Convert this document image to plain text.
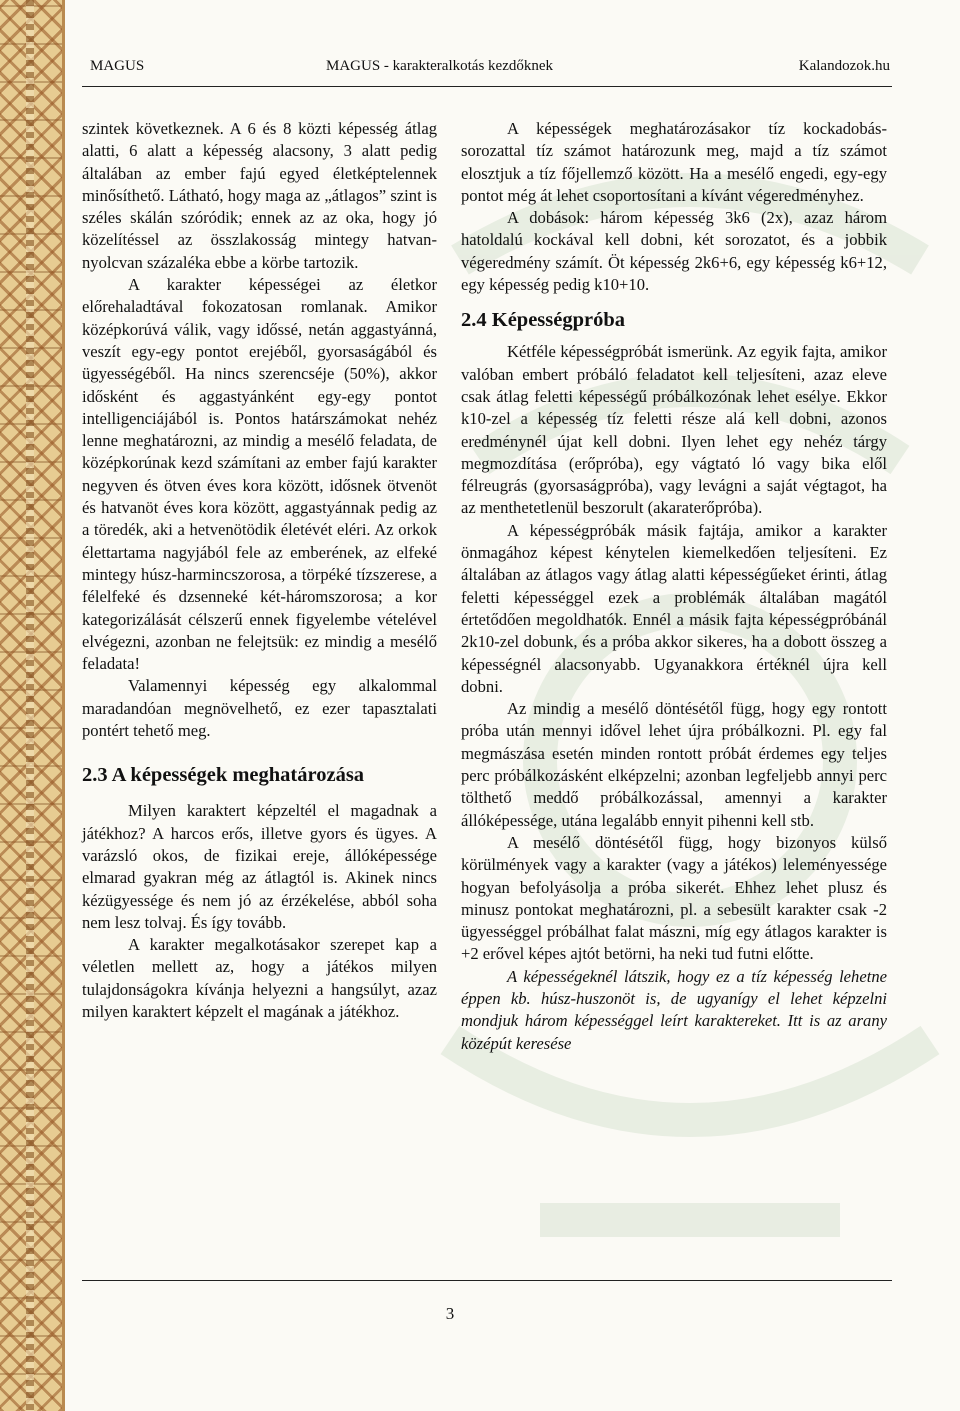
MAGUS	MAGUS - karakteralkotás kezdőknek	Kalandozok.hu

szintek következnek. A 6 és 8 közti képesség átlag alatti, 6 alatt a képesség alacsony, 3 alatt pedig általában az ember fajú egyed életképtelennek minősíthető. Látható, hogy maga az „átlagos” szint is széles skálán szóródik; ennek az az oka, hogy jó közelítéssel az összlakosság mintegy hatvan-nyolcvan százaléka ebbe a körbe tartozik.

A karakter képességei az életkor előrehaladtával fokozatosan romlanak. Amikor középkorúvá válik, vagy időssé, netán aggastyánná, veszít egy-egy pontot erejéből, gyorsaságából és ügyességéből. Ha nincs szerencséje (50%), akkor idősként és aggastyánként egy-egy pontot intelligenciájából is. Pontos határszámokat nehéz lenne meghatározni, az mindig a mesélő feladata, de középkorúnak kezd számítani az ember fajú karakter negyven és ötven éves kora között, idősnek ötvenöt és hatvanöt éves kora között, aggastyánnak pedig az a töredék, aki a hetvenötödik életévét eléri. Az orkok élettartama nagyjából fele az emberének, az elfeké mintegy húsz-harmincszorosa, a törpéké tízszerese, a félelfeké és dzsenneké két-háromszorosa; a kor kategorizálását célszerű ennek figyelembe vételével elvégezni, azonban ne felejtsük: ez mindig a mesélő feladata!

Valamennyi képesség egy alkalommal maradandóan megnövelhető, ez ezer tapasztalati pontért tehető meg.

2.3 A képességek meghatározása

Milyen karaktert képzeltél el magadnak a játékhoz? A harcos erős, illetve gyors és ügyes. A varázsló okos, de fizikai ereje, állóképessége elmarad gyakran még az átlagtól is. Akinek nincs kézügyessége és nem jó az érzékelése, abból soha nem lesz tolvaj. És így tovább.

A karakter megalkotásakor szerepet kap a véletlen mellett az, hogy a játékos milyen tulajdonságokra kívánja helyezni a hangsúlyt, azaz milyen karaktert képzelt el magának a játékhoz.

A képességek meghatározásakor tíz kockadobás-sorozattal tíz számot határozunk meg, majd a tíz számot elosztjuk a tíz főjellemző között. Ha a mesélő engedi, egy-egy pontot még át lehet csoportosítani a kívánt végeredményhez.

A dobások: három képesség 3k6 (2x), azaz három hatoldalú kockával kell dobni, két sorozatot, és a jobbik végeredmény számít. Öt képesség 2k6+6, egy képesség k6+12, egy képesség pedig k10+10.

2.4 Képességpróba

Kétféle képességpróbát ismerünk. Az egyik fajta, amikor valóban embert próbáló feladatot kell teljesíteni, azaz eleve csak átlag feletti képességű próbálkozónak lehet esélye. Ekkor k10-zel a képesség tíz feletti része alá kell dobni, azonos eredménynél újat kell dobni. Ilyen lehet egy nehéz tárgy megmozdítása (erőpróba), egy vágtató ló vagy bika elől félreugrás (gyorsaságpróba), vagy levágni a saját végtagot, ha az menthetetlenül beszorult (akaraterőpróba).

A képességpróbák másik fajtája, amikor a karakter önmagához képest kénytelen kiemelkedően teljesíteni. Ez általában az átlagos vagy átlag alatti képességűeket érinti, átlag feletti képességgel ezek a problémák általában magától értetődően megoldhatók. Ennél a másik fajta képességpróbánál 2k10-zel dobunk, és a próba akkor sikeres, ha a dobott összeg a képességnél alacsonyabb. Ugyanakkora értéknél újra kell dobni.

Az mindig a mesélő döntésétől függ, hogy egy rontott próba után mennyi idővel lehet újra próbálkozni. Pl. egy fal megmászása esetén minden rontott próbát érdemes egy teljes perc próbálkozásként elképzelni; azonban legfeljebb annyi perc tölthető meddő próbálkozással, amennyi a karakter állóképessége, utána legalább ennyit pihenni kell stb.

A mesélő döntésétől függ, hogy bizonyos külső körülmények vagy a karakter (vagy a játékos) leleményessége hogyan befolyásolja a próba sikerét. Ehhez lehet plusz és minusz pontokat meghatározni, pl. a sebesült karakter csak -2 ügyességgel próbálhat falat mászni, míg egy átlagos karakter is +2 erővel képes ajtót betörni, ha neki tud futni előtte.

A képességeknél látszik, hogy ez a tíz képesség lehetne éppen kb. húsz-huszonöt is, de ugyanígy el lehet képzelni mondjuk három képességgel leírt karaktereket. Itt is az arany középút keresése

3
